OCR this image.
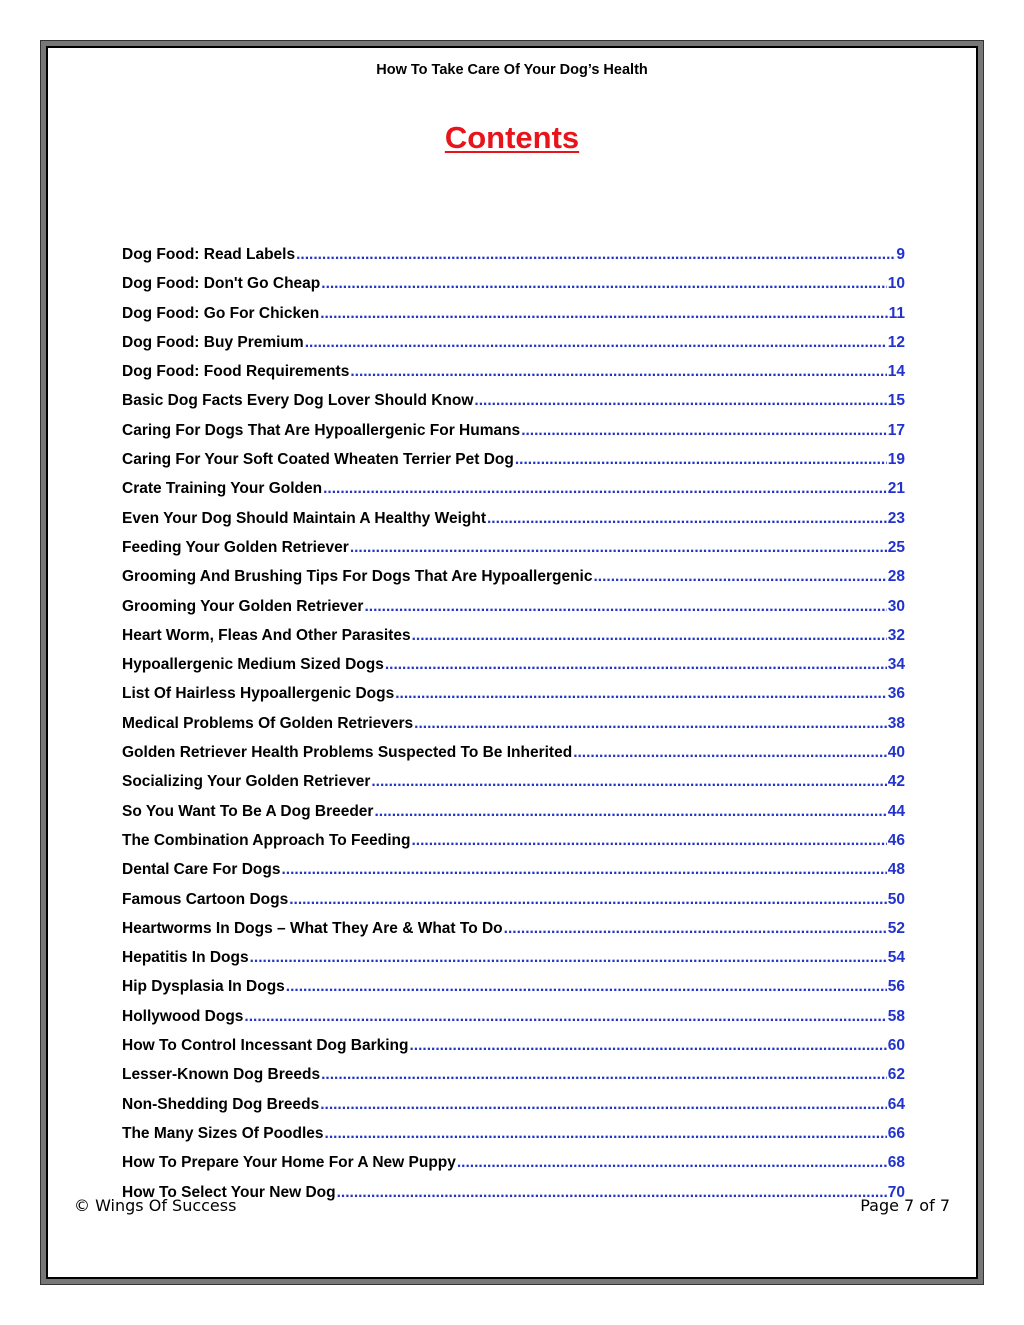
How To Take Care Of Your Dog’s Health
Contents
Dog Food: Read Labels .....	9
Dog Food: Don't Go Cheap .....	10
Dog Food: Go For Chicken .....	11
Dog Food: Buy Premium .....	12
Dog Food: Food Requirements .....	14
Basic Dog Facts Every Dog Lover Should Know .....	15
Caring For Dogs That Are Hypoallergenic For Humans .....	17
Caring For Your Soft Coated Wheaten Terrier Pet Dog .....	19
Crate Training Your Golden .....	21
Even Your Dog Should Maintain A Healthy Weight .....	23
Feeding Your Golden Retriever .....	25
Grooming And Brushing Tips For Dogs That Are Hypoallergenic .....	28
Grooming Your Golden Retriever .....	30
Heart Worm, Fleas And Other Parasites .....	32
Hypoallergenic Medium Sized Dogs .....	34
List Of Hairless Hypoallergenic Dogs .....	36
Medical Problems Of Golden Retrievers .....	38
Golden Retriever Health Problems Suspected To Be Inherited .....	40
Socializing Your Golden Retriever .....	42
So You Want To Be A Dog Breeder .....	44
The Combination Approach To Feeding .....	46
Dental Care For Dogs .....	48
Famous Cartoon Dogs .....	50
Heartworms In Dogs – What They Are & What To Do .....	52
Hepatitis In Dogs .....	54
Hip Dysplasia In Dogs .....	56
Hollywood Dogs .....	58
How To Control Incessant Dog Barking .....	60
Lesser-Known Dog Breeds .....	62
Non-Shedding Dog Breeds .....	64
The Many Sizes Of Poodles .....	66
How To Prepare Your Home For A New Puppy .....	68
How To Select Your New Dog .....	70
© Wings Of Success	Page 7 of 7
